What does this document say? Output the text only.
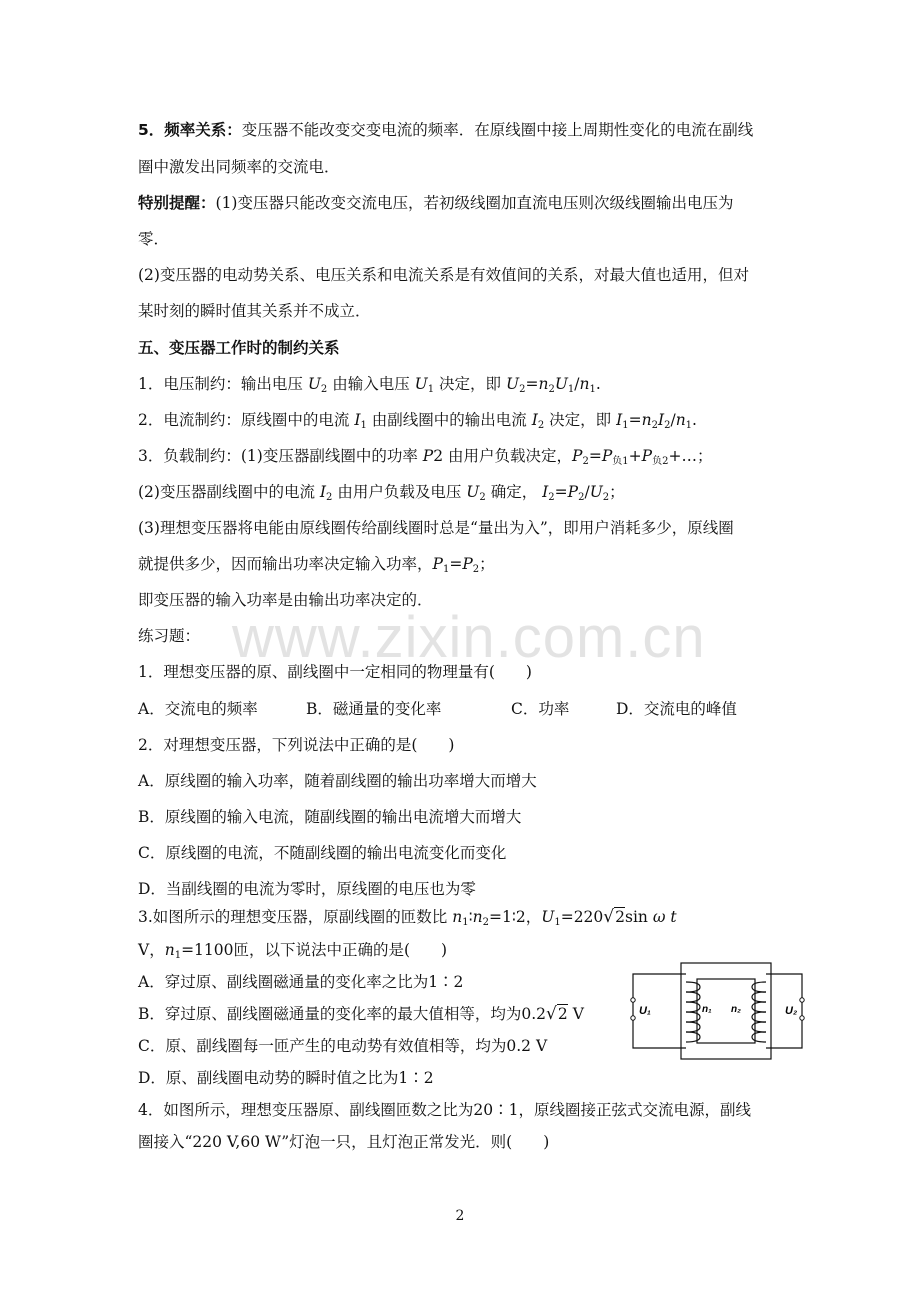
www.zixin.com.cn
5．频率关系：变压器不能改变交变电流的频率．在原线圈中接上周期性变化的电流在副线
圈中激发出同频率的交流电．
特别提醒：(1)变压器只能改变交流电压，若初级线圈加直流电压则次级线圈输出电压为
零．
(2)变压器的电动势关系、电压关系和电流关系是有效值间的关系，对最大值也适用，但对
某时刻的瞬时值其关系并不成立．
五、变压器工作时的制约关系
1．电压制约：输出电压 $U_2$ 由输入电压 $U_1$ 决定，即 $U_2=n_2U_1/n_1$.
2．电流制约：原线圈中的电流 $I_1$ 由副线圈中的输出电流 $I_2$ 决定，即 $I_1=n_2I_2/n_1$.
3．负载制约：(1)变压器副线圈中的功率 P2 由用户负载决定，$P_2=P_{负1}+P_{负2}+\dots$；
(2)变压器副线圈中的电流 $I_2$ 由用户负载及电压 $U_2$ 确定， $I_2=P_2/U_2$；
(3)理想变压器将电能由原线圈传给副线圈时总是“量出为入”，即用户消耗多少，原线圈
就提供多少，因而输出功率决定输入功率，$P_1=P_2$；
即变压器的输入功率是由输出功率决定的．
练习题：
1．理想变压器的原、副线圈中一定相同的物理量有(　　)
A．交流电的频率	B．磁通量的变化率	C．功率	D．交流电的峰值
2．对理想变压器，下列说法中正确的是(　　)
A．原线圈的输入功率，随着副线圈的输出功率增大而增大
B．原线圈的输入电流，随副线圈的输出电流增大而增大
C．原线圈的电流，不随副线圈的输出电流变化而变化
D．当副线圈的电流为零时，原线圈的电压也为零
3.如图所示的理想变压器，原副线圈的匝数比 $n_1∶n_2=1∶2$，$U_1=220√2\sin$ ω t
V，$n_1=1100$匝，以下说法中正确的是(　　)
A．穿过原、副线圈磁通量的变化率之比为1∶2
B．穿过原、副线圈磁通量的变化率的最大值相等，均为0.2√2 V
C．原、副线圈每一匝产生的电动势有效值相等，均为0.2 V
D．原、副线圈电动势的瞬时值之比为1∶2
U₁	n₁ n₂	U₂
4．如图所示，理想变压器原、副线圈匝数之比为20∶1，原线圈接正弦式交流电源，副线
圈接入“220 V,60 W”灯泡一只，且灯泡正常发光．则(　　)
2
